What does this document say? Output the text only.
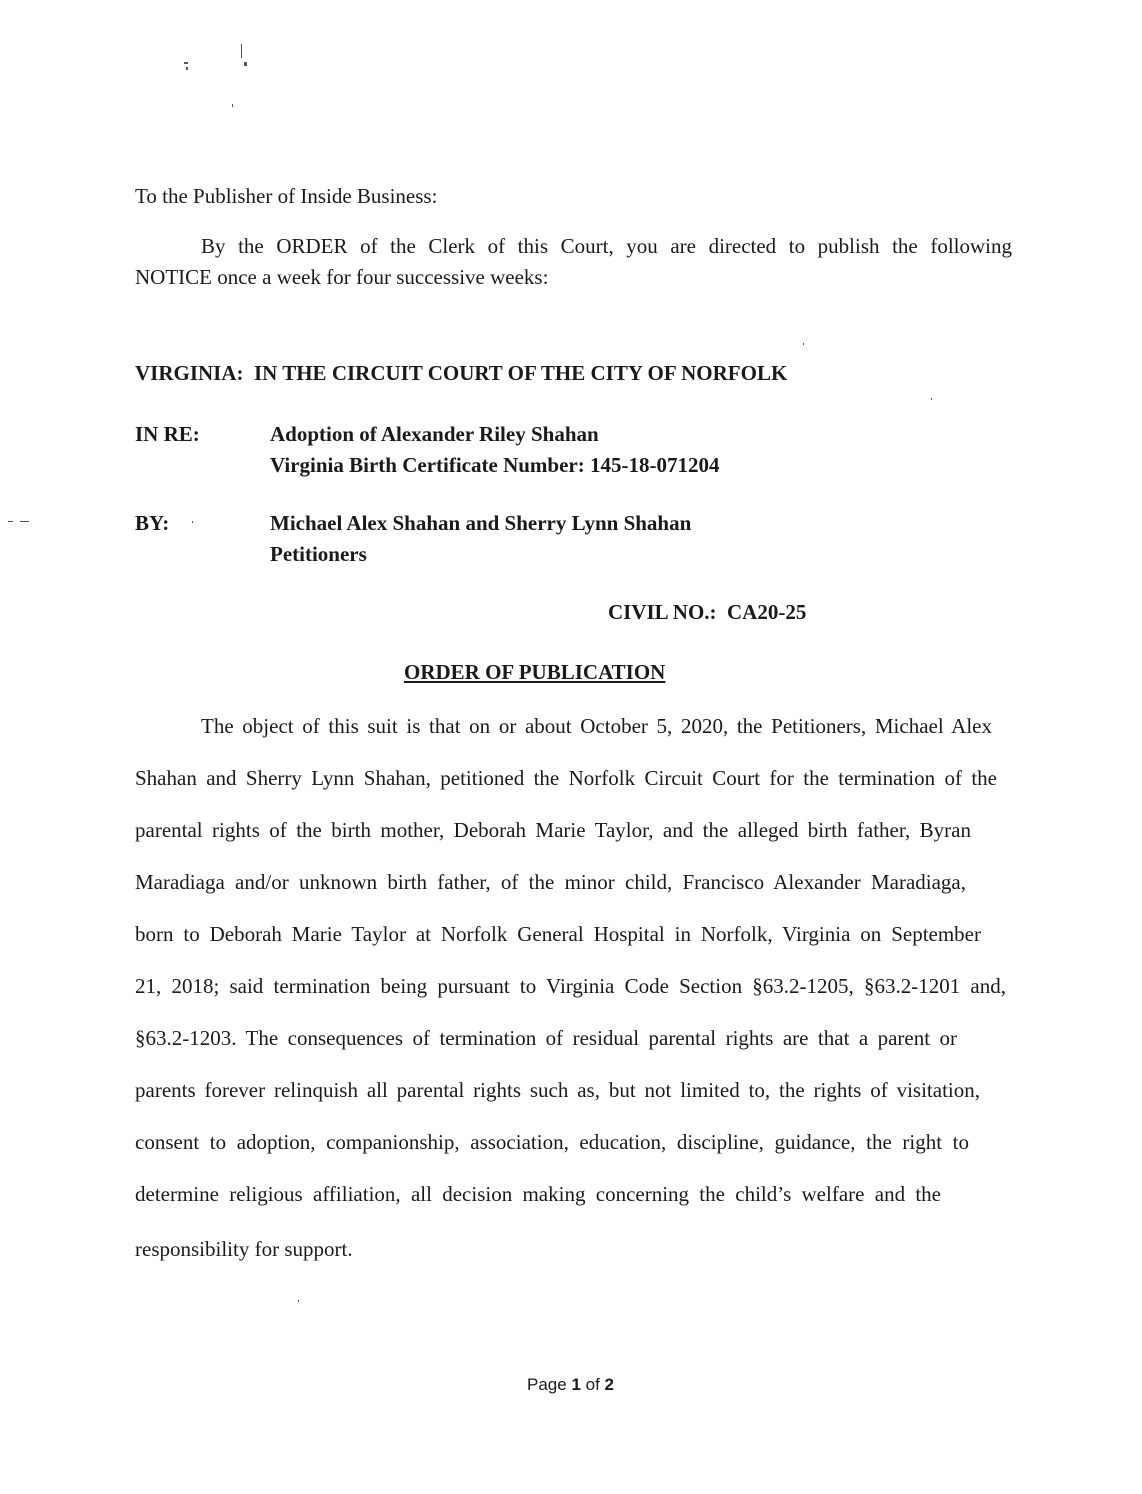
To the Publisher of Inside Business:
By the ORDER of the Clerk of this Court, you are directed to publish the following
NOTICE once a week for four successive weeks:
VIRGINIA:  IN THE CIRCUIT COURT OF THE CITY OF NORFOLK
IN RE:	Adoption of Alexander Riley Shahan
Virginia Birth Certificate Number: 145-18-071204
BY:	Michael Alex Shahan and Sherry Lynn Shahan
Petitioners
CIVIL NO.:  CA20-25
ORDER OF PUBLICATION
The object of this suit is that on or about October 5, 2020, the Petitioners, Michael Alex
Shahan and Sherry Lynn Shahan, petitioned the Norfolk Circuit Court for the termination of the
parental rights of the birth mother, Deborah Marie Taylor, and the alleged birth father, Byran
Maradiaga and/or unknown birth father, of the minor child, Francisco Alexander Maradiaga,
born to Deborah Marie Taylor at Norfolk General Hospital in Norfolk, Virginia on September
21, 2018; said termination being pursuant to Virginia Code Section §63.2-1205, §63.2-1201 and,
§63.2-1203. The consequences of termination of residual parental rights are that a parent or
parents forever relinquish all parental rights such as, but not limited to, the rights of visitation,
consent to adoption, companionship, association, education, discipline, guidance, the right to
determine religious affiliation, all decision making concerning the child’s welfare and the
responsibility for support.
Page 1 of 2
